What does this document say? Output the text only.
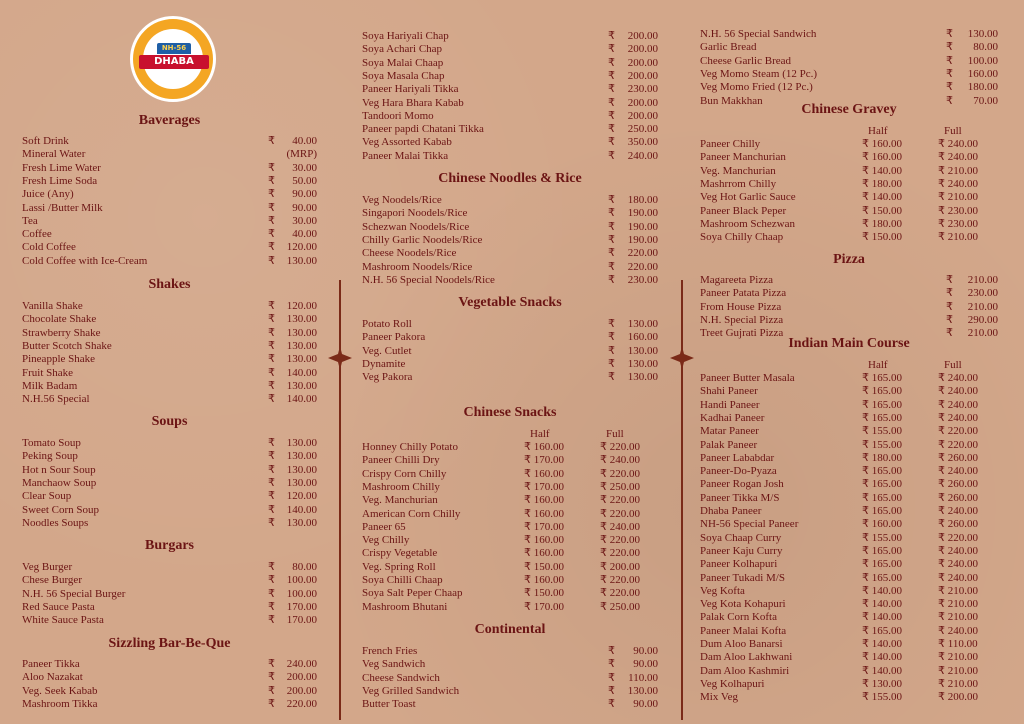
NH-56
DHABA
Baverages
Soft Drink	₹ 40.00
Mineral Water	(MRP)
Fresh Lime Water	₹ 30.00
Fresh Lime Soda	₹ 50.00
Juice (Any)	₹ 90.00
Lassi /Butter Milk	₹ 90.00
Tea	₹ 30.00
Coffee	₹ 40.00
Cold Coffee	₹ 120.00
Cold Coffee with Ice-Cream	₹ 130.00
Shakes
Vanilla Shake	₹ 120.00
Chocolate Shake	₹ 130.00
Strawberry Shake	₹ 130.00
Butter Scotch Shake	₹ 130.00
Pineapple Shake	₹ 130.00
Fruit Shake	₹ 140.00
Milk Badam	₹ 130.00
N.H.56 Special	₹ 140.00
Soups
Tomato Soup	₹ 130.00
Peking Soup	₹ 130.00
Hot n Sour Soup	₹ 130.00
Manchaow Soup	₹ 130.00
Clear Soup	₹ 120.00
Sweet Corn Soup	₹ 140.00
Noodles Soups	₹ 130.00
Burgars
Veg Burger	₹ 80.00
Chese Burger	₹ 100.00
N.H. 56 Special Burger	₹ 100.00
Red Sauce Pasta	₹ 170.00
White Sauce Pasta	₹ 170.00
Sizzling Bar-Be-Que
Paneer Tikka	₹ 240.00
Aloo Nazakat	₹ 200.00
Veg. Seek Kabab	₹ 200.00
Mashroom Tikka	₹ 220.00
Soya Hariyali Chap	₹ 200.00
Soya Achari Chap	₹ 200.00
Soya Malai Chaap	₹ 200.00
Soya Masala Chap	₹ 200.00
Paneer Hariyali Tikka	₹ 230.00
Veg Hara Bhara Kabab	₹ 200.00
Tandoori Momo	₹ 200.00
Paneer papdi Chatani Tikka	₹ 250.00
Veg Assorted Kabab	₹ 350.00
Paneer Malai Tikka	₹ 240.00
Chinese Noodles & Rice
Veg Noodels/Rice	₹ 180.00
Singapori Noodels/Rice	₹ 190.00
Schezwan Noodels/Rice	₹ 190.00
Chilly Garlic Noodels/Rice	₹ 190.00
Cheese Noodels/Rice	₹ 220.00
Mashroom Noodels/Rice	₹ 220.00
N.H. 56 Special Noodels/Rice	₹ 230.00
Vegetable Snacks
Potato Roll	₹ 130.00
Paneer Pakora	₹ 160.00
Veg. Cutlet	₹ 130.00
Dynamite	₹ 130.00
Veg Pakora	₹ 130.00
Chinese Snacks
Half	Full
Honney Chilly Potato	₹ 160.00	₹ 220.00
Paneer Chilli Dry	₹ 170.00	₹ 240.00
Crispy Corn Chilly	₹ 160.00	₹ 220.00
Mashroom Chilly	₹ 170.00	₹ 250.00
Veg. Manchurian	₹ 160.00	₹ 220.00
American Corn Chilly	₹ 160.00	₹ 220.00
Paneer 65	₹ 170.00	₹ 240.00
Veg Chilly	₹ 160.00	₹ 220.00
Crispy Vegetable	₹ 160.00	₹ 220.00
Veg. Spring Roll	₹ 150.00	₹ 200.00
Soya Chilli Chaap	₹ 160.00	₹ 220.00
Soya Salt Peper Chaap	₹ 150.00	₹ 220.00
Mashroom Bhutani	₹ 170.00	₹ 250.00
Continental
French Fries	₹ 90.00
Veg Sandwich	₹ 90.00
Cheese Sandwich	₹ 110.00
Veg Grilled Sandwich	₹ 130.00
Butter Toast	₹ 90.00
N.H. 56 Special Sandwich	₹ 130.00
Garlic Bread	₹ 80.00
Cheese Garlic Bread	₹ 100.00
Veg Momo Steam (12 Pc.)	₹ 160.00
Veg Momo Fried (12 Pc.)	₹ 180.00
Bun Makkhan	₹ 70.00
Chinese Gravey
Half	Full
Paneer Chilly	₹ 160.00	₹ 240.00
Paneer Manchurian	₹ 160.00	₹ 240.00
Veg. Manchurian	₹ 140.00	₹ 210.00
Mashrrom Chilly	₹ 180.00	₹ 240.00
Veg Hot Garlic Sauce	₹ 140.00	₹ 210.00
Paneer Black Peper	₹ 150.00	₹ 230.00
Mashroom Schezwan	₹ 180.00	₹ 230.00
Soya Chilly Chaap	₹ 150.00	₹ 210.00
Pizza
Magareeta Pizza	₹ 210.00
Paneer Patata Pizza	₹ 230.00
From House Pizza	₹ 210.00
N.H. Special Pizza	₹ 290.00
Treet Gujrati Pizza	₹ 210.00
Indian Main Course
Half	Full
Paneer Butter Masala	₹ 165.00	₹ 240.00
Shahi Paneer	₹ 165.00	₹ 240.00
Handi Paneer	₹ 165.00	₹ 240.00
Kadhai Paneer	₹ 165.00	₹ 240.00
Matar Paneer	₹ 155.00	₹ 220.00
Palak Paneer	₹ 155.00	₹ 220.00
Paneer Lababdar	₹ 180.00	₹ 260.00
Paneer-Do-Pyaza	₹ 165.00	₹ 240.00
Paneer Rogan Josh	₹ 165.00	₹ 260.00
Paneer Tikka M/S	₹ 165.00	₹ 260.00
Dhaba Paneer	₹ 165.00	₹ 240.00
NH-56 Special Paneer	₹ 160.00	₹ 260.00
Soya Chaap Curry	₹ 155.00	₹ 220.00
Paneer Kaju Curry	₹ 165.00	₹ 240.00
Paneer Kolhapuri	₹ 165.00	₹ 240.00
Paneer Tukadi M/S	₹ 165.00	₹ 240.00
Veg Kofta	₹ 140.00	₹ 210.00
Veg Kota Kohapuri	₹ 140.00	₹ 210.00
Palak Corn Kofta	₹ 140.00	₹ 210.00
Paneer Malai Kofta	₹ 165.00	₹ 240.00
Dum Aloo Banarsi	₹ 140.00	₹ 110.00
Dam Aloo Lakhwani	₹ 140.00	₹ 210.00
Dam Aloo Kashmiri	₹ 140.00	₹ 210.00
Veg Kolhapuri	₹ 130.00	₹ 210.00
Mix Veg	₹ 155.00	₹ 200.00
